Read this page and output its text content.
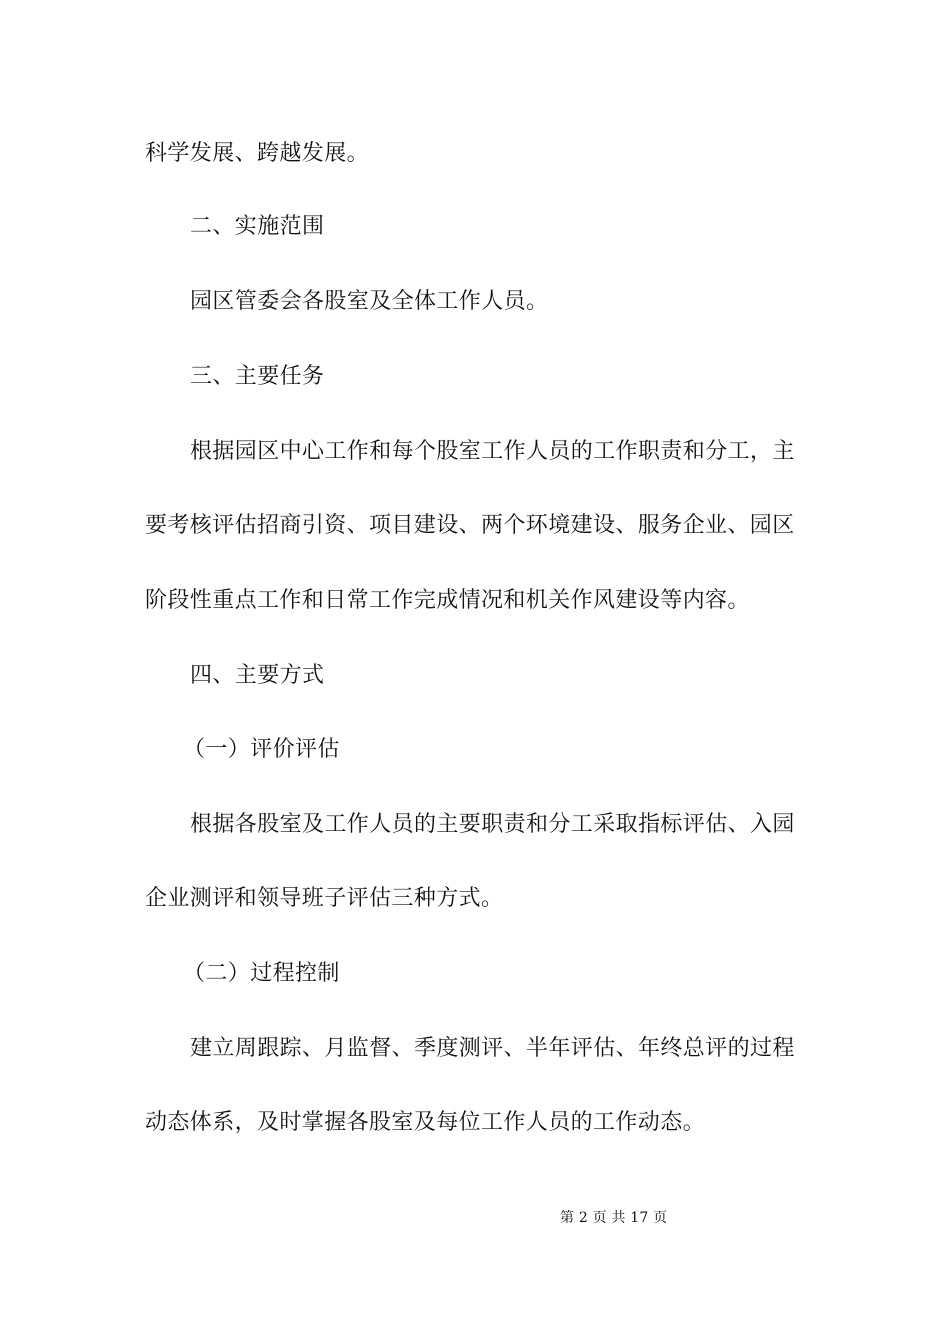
科学发展、跨越发展。
二、实施范围
园区管委会各股室及全体工作人员。
三、主要任务
根据园区中心工作和每个股室工作人员的工作职责和分工，主
要考核评估招商引资、项目建设、两个环境建设、服务企业、园区
阶段性重点工作和日常工作完成情况和机关作风建设等内容。
四、主要方式
（一）评价评估
根据各股室及工作人员的主要职责和分工采取指标评估、入园
企业测评和领导班子评估三种方式。
（二）过程控制
建立周跟踪、月监督、季度测评、半年评估、年终总评的过程
动态体系，及时掌握各股室及每位工作人员的工作动态。
第 2 页 共 17 页
